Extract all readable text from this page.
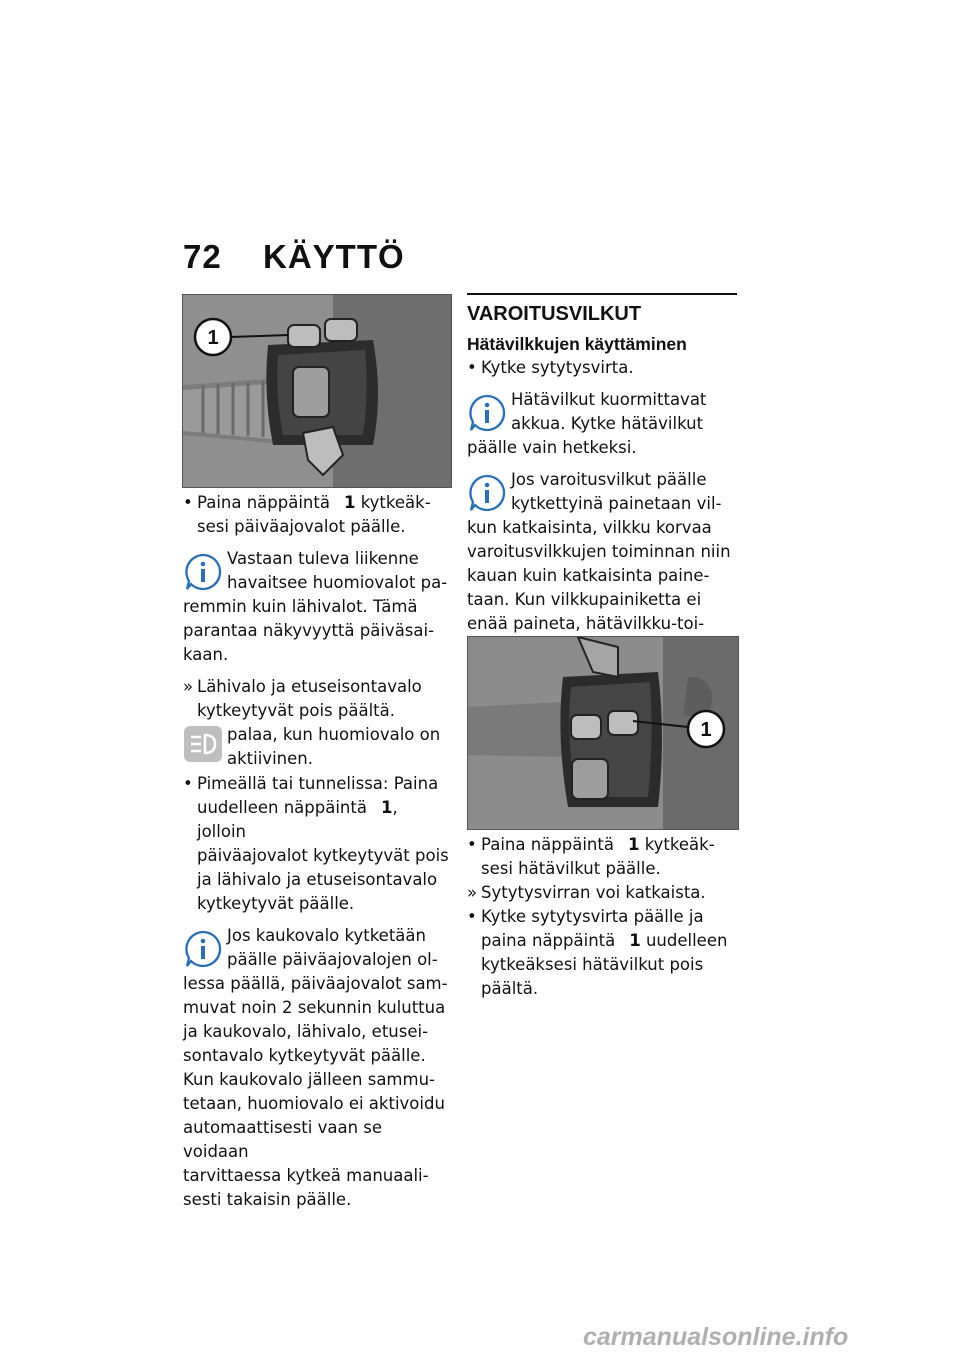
72 KÄYTTÖ
1
• Paina näppäintä 1 kytkeäk-

sesi päiväajovalot päälle.

Vastaan tuleva liikenne

havaitsee huomiovalot pa-

remmin kuin lähivalot. Tämä

parantaa näkyvyyttä päiväsai-

kaan.

» Lähivalo ja etuseisontavalo

kytkeytyvät pois päältä.

palaa, kun huomiovalo on

aktiivinen.

• Pimeällä tai tunnelissa: Paina

uudelleen näppäintä 1, jolloin

päiväajovalot kytkeytyvät pois

ja lähivalo ja etuseisontavalo

kytkeytyvät päälle.

Jos kaukovalo kytketään

päälle päiväajovalojen ol-

lessa päällä, päiväajovalot sam-

muvat noin 2 sekunnin kuluttua

ja kaukovalo, lähivalo, etusei-

sontavalo kytkeytyvät päälle.

Kun kaukovalo jälleen sammu-

tetaan, huomiovalo ei aktivoidu

automaattisesti vaan se voidaan

tarvittaessa kytkeä manuaali-

sesti takaisin päälle.

VAROITUSVILKUT

Hätävilkkujen käyttäminen

• Kytke sytytysvirta.

Hätävilkut kuormittavat

akkua. Kytke hätävilkut

päälle vain hetkeksi.

Jos varoitusvilkut päälle

kytkettyinä painetaan vil-

kun katkaisinta, vilkku korvaa

varoitusvilkkujen toiminnan niin

kauan kuin katkaisinta paine-

taan. Kun vilkkupainiketta ei

enää paineta, hätävilkku-toi-

1
• Paina näppäintä 1 kytkeäk-

sesi hätävilkut päälle.

» Sytytysvirran voi katkaista.

• Kytke sytytysvirta päälle ja

paina näppäintä 1 uudelleen

kytkeäksesi hätävilkut pois

päältä.

carmanualsonline.info
